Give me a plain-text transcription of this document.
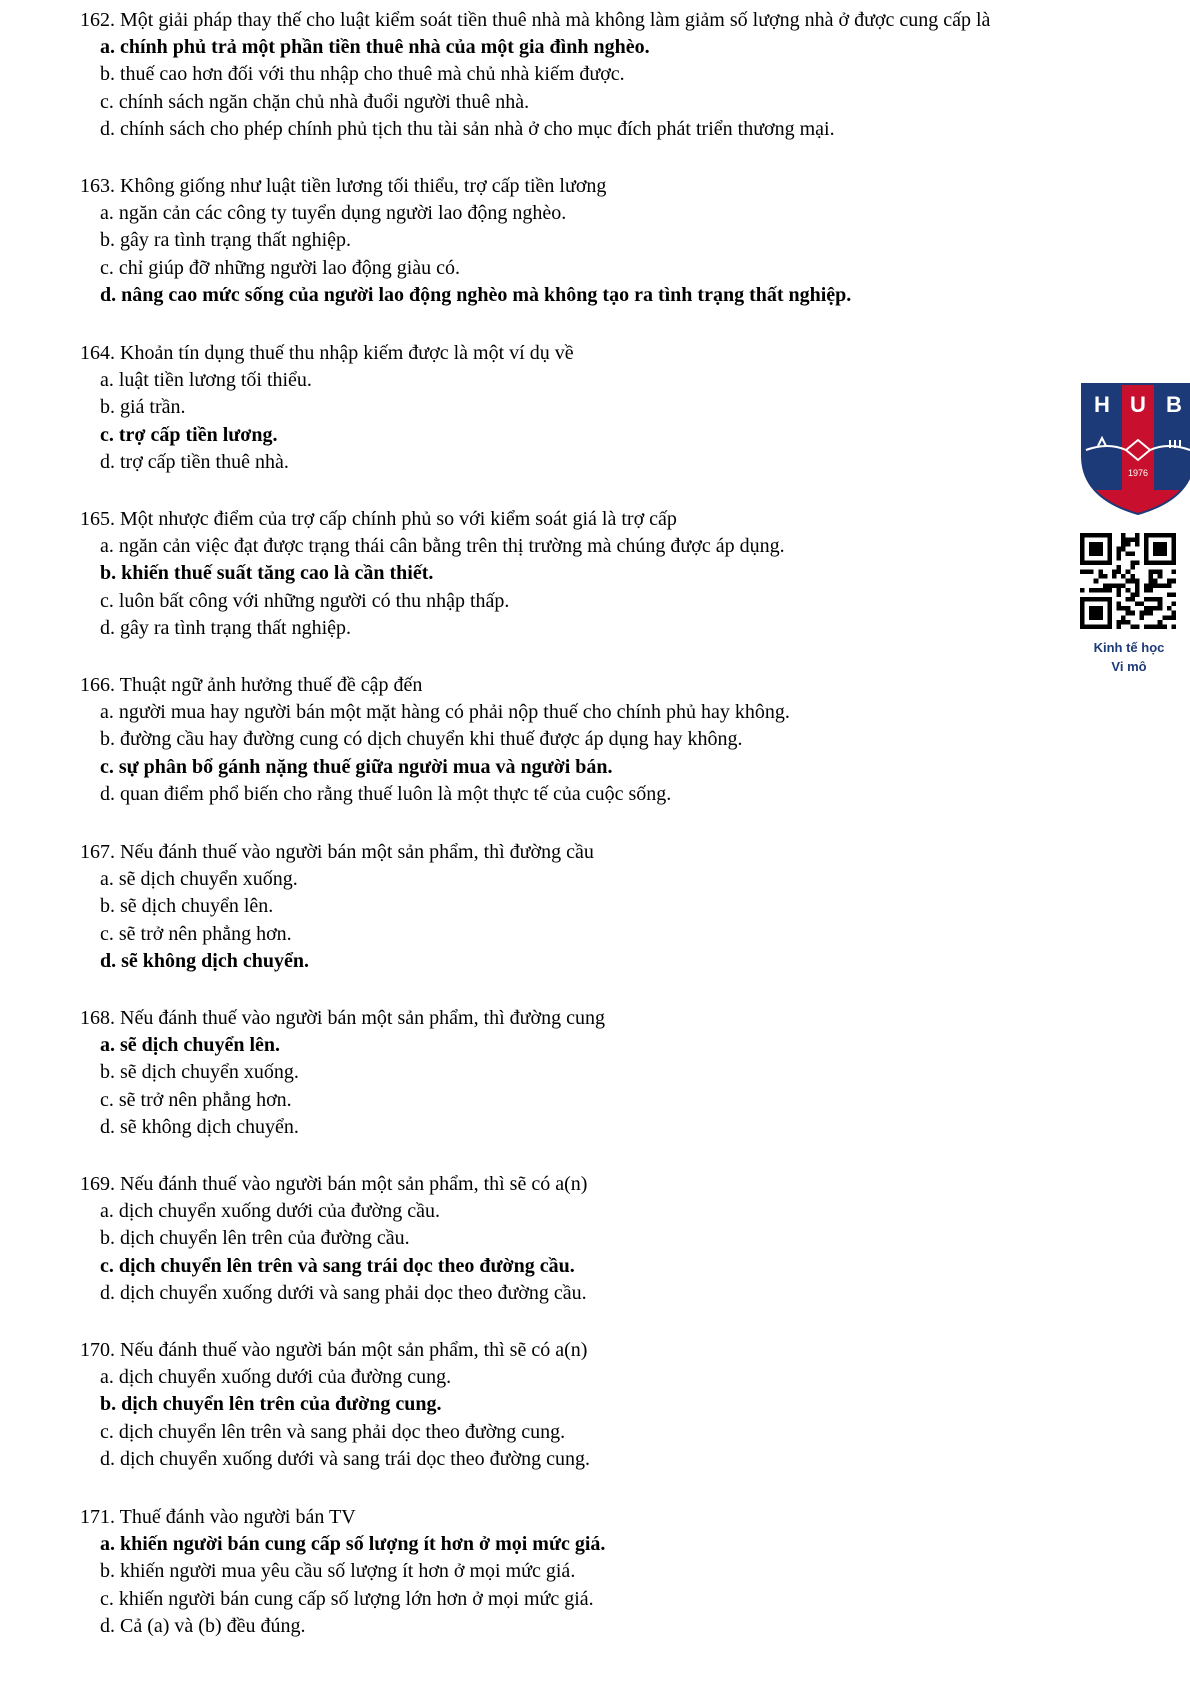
162. Một giải pháp thay thế cho luật kiểm soát tiền thuê nhà mà không làm giảm số lượng nhà ở được cung cấp là
a. chính phủ trả một phần tiền thuê nhà của một gia đình nghèo.
b. thuế cao hơn đối với thu nhập cho thuê mà chủ nhà kiếm được.
c. chính sách ngăn chặn chủ nhà đuổi người thuê nhà.
d. chính sách cho phép chính phủ tịch thu tài sản nhà ở cho mục đích phát triển thương mại.
163. Không giống như luật tiền lương tối thiểu, trợ cấp tiền lương
a. ngăn cản các công ty tuyển dụng người lao động nghèo.
b. gây ra tình trạng thất nghiệp.
c. chỉ giúp đỡ những người lao động giàu có.
d. nâng cao mức sống của người lao động nghèo mà không tạo ra tình trạng thất nghiệp.
164. Khoản tín dụng thuế thu nhập kiếm được là một ví dụ về
a. luật tiền lương tối thiểu.
b. giá trần.
c. trợ cấp tiền lương.
d. trợ cấp tiền thuê nhà.
165. Một nhược điểm của trợ cấp chính phủ so với kiểm soát giá là trợ cấp
a. ngăn cản việc đạt được trạng thái cân bằng trên thị trường mà chúng được áp dụng.
b. khiến thuế suất tăng cao là cần thiết.
c. luôn bất công với những người có thu nhập thấp.
d. gây ra tình trạng thất nghiệp.
166. Thuật ngữ ảnh hưởng thuế đề cập đến
a. người mua hay người bán một mặt hàng có phải nộp thuế cho chính phủ hay không.
b. đường cầu hay đường cung có dịch chuyển khi thuế được áp dụng hay không.
c. sự phân bổ gánh nặng thuế giữa người mua và người bán.
d. quan điểm phổ biến cho rằng thuế luôn là một thực tế của cuộc sống.
167. Nếu đánh thuế vào người bán một sản phẩm, thì đường cầu
a. sẽ dịch chuyển xuống.
b. sẽ dịch chuyển lên.
c. sẽ trở nên phẳng hơn.
d. sẽ không dịch chuyển.
168. Nếu đánh thuế vào người bán một sản phẩm, thì đường cung
a. sẽ dịch chuyển lên.
b. sẽ dịch chuyển xuống.
c. sẽ trở nên phẳng hơn.
d. sẽ không dịch chuyển.
169. Nếu đánh thuế vào người bán một sản phẩm, thì sẽ có a(n)
a. dịch chuyển xuống dưới của đường cầu.
b. dịch chuyển lên trên của đường cầu.
c. dịch chuyển lên trên và sang trái dọc theo đường cầu.
d. dịch chuyển xuống dưới và sang phải dọc theo đường cầu.
170. Nếu đánh thuế vào người bán một sản phẩm, thì sẽ có a(n)
a. dịch chuyển xuống dưới của đường cung.
b. dịch chuyển lên trên của đường cung.
c. dịch chuyển lên trên và sang phải dọc theo đường cung.
d. dịch chuyển xuống dưới và sang trái dọc theo đường cung.
171. Thuế đánh vào người bán TV
a. khiến người bán cung cấp số lượng ít hơn ở mọi mức giá.
b. khiến người mua yêu cầu số lượng ít hơn ở mọi mức giá.
c. khiến người bán cung cấp số lượng lớn hơn ở mọi mức giá.
d. Cả (a) và (b) đều đúng.
H U B
1976
Kinh tế học
Vi mô
